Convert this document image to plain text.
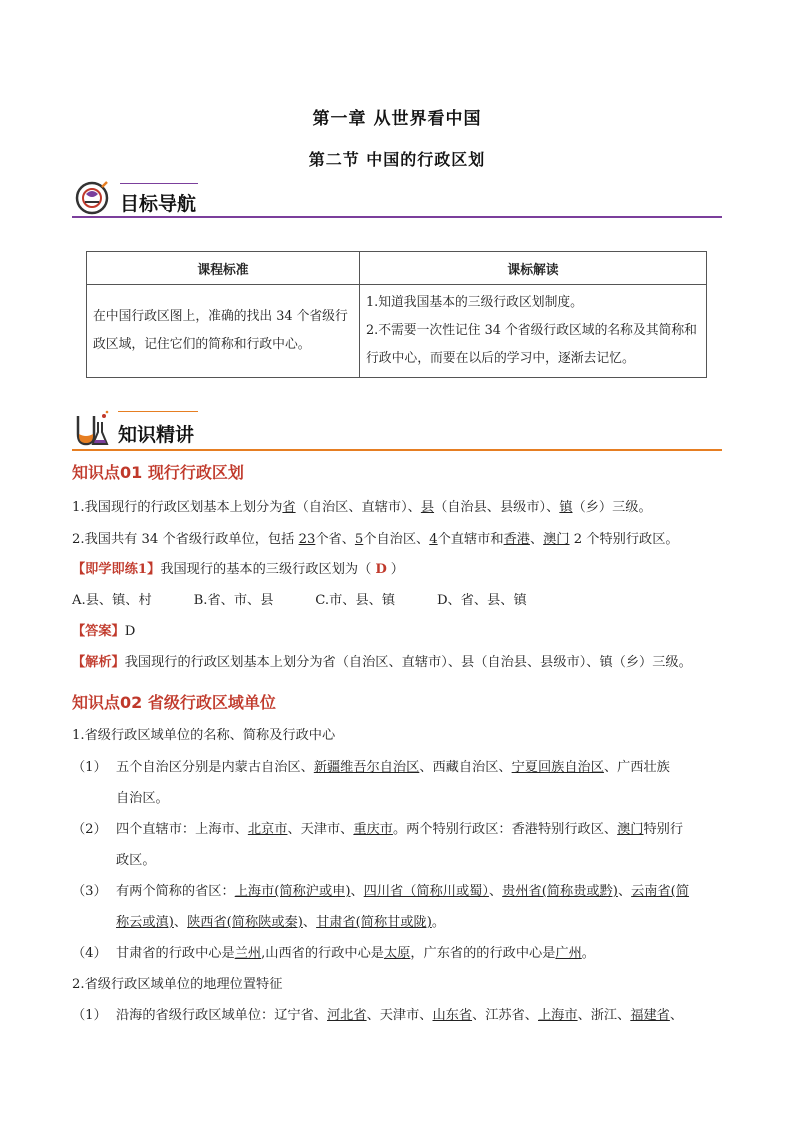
第一章 从世界看中国
第二节 中国的行政区划
目标导航
课程标准	课标解读
在中国行政区图上，准确的找出 34 个省级行政区域，记住它们的简称和行政中心。	1.知道我国基本的三级行政区划制度。
2.不需要一次性记住 34 个省级行政区域的名称及其简称和行政中心，而要在以后的学习中，逐渐去记忆。
知识精讲
知识点01 现行行政区划
1.我国现行的行政区划基本上划分为省（自治区、直辖市）、县（自治县、县级市）、镇（乡）三级。
2.我国共有 34 个省级行政单位，包括 23个省、5个自治区、4个直辖市和香港、澳门 2 个特别行政区。
【即学即练1】我国现行的基本的三级行政区划为（ D ）
A.县、镇、村          B.省、市、县          C.市、县、镇          D、省、县、镇
【答案】D
【解析】我国现行的行政区划基本上划分为省（自治区、直辖市）、县（自治县、县级市）、镇（乡）三级。
知识点02 省级行政区域单位
1.省级行政区域单位的名称、简称及行政中心
（1） 五个自治区分别是内蒙古自治区、新疆维吾尔自治区、西藏自治区、宁夏回族自治区、广西壮族
自治区。
（2） 四个直辖市：上海市、北京市、天津市、重庆市。两个特别行政区：香港特别行政区、澳门特别行
政区。
（3） 有两个简称的省区：上海市(简称沪或申)、四川省（简称川或蜀）、贵州省(简称贵或黔)、云南省(简
称云或滇)、陕西省(简称陕或秦)、甘肃省(简称甘或陇)。
（4） 甘肃省的行政中心是兰州,山西省的行政中心是太原，广东省的的行政中心是广州。
2.省级行政区域单位的地理位置特征
（1） 沿海的省级行政区域单位：辽宁省、河北省、天津市、山东省、江苏省、上海市、浙江、福建省、
